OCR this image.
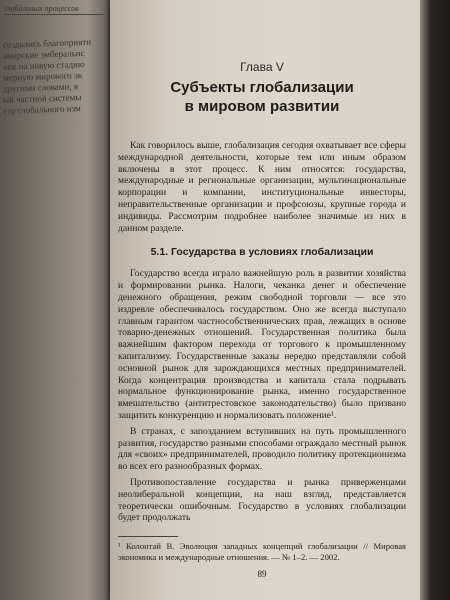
глобальных процессов
создались благоприятн
амерские эмберальнс
ное на новую стадию
мерную мирового эк
другими словами, в
ый частной системы
етр глобального изм
Глава V
Субъекты глобализации
в мировом развитии

Как говорилось выше, глобализация сегодня охватывает все сферы международной деятельности, которые тем или иным образом включены в этот процесс. К ним относятся: государства, международные и региональные организации, мультинациональные корпорации и компании, институциональные инвесторы, неправительственные организации и профсоюзы, крупные города и индивиды. Рассмотрим подробнее наиболее значимые из них в данном разделе.

5.1. Государства в условиях глобализации

Государство всегда играло важнейшую роль в развитии хозяйства и формировании рынка. Налоги, чеканка денег и обеспечение денежного обращения, режим свободной торговли — все это издревле обеспечивалось государством. Оно же всегда выступало главным гарантом частнособственнических прав, лежащих в основе товарно-денежных отношений. Государственная политика была важнейшим фактором перехода от торгового к промышленному капитализму. Государственные заказы нередко представляли собой основной рынок для зарождающихся местных предпринимателей. Когда концентрация производства и капитала стала подрывать нормальное функционирование рынка, именно государственное вмешательство (антитрестовское законодательство) было призвано защитить конкуренцию и нормализовать положение¹.

В странах, с запозданием вступивших на путь промышленного развития, государство разными способами ограждало местный рынок для «своих» предпринимателей, проводило политику протекционизма во всех его разнообразных формах.

Противопоставление государства и рынка приверженцами неолиберальной концепции, на наш взгляд, представляется теоретически ошибочным. Государство в условиях глобализации будет продолжать

¹ Колонтай В. Эволюция западных концепций глобализации // Мировая экономика и международные отношения. — № 1–2. — 2002.

89
